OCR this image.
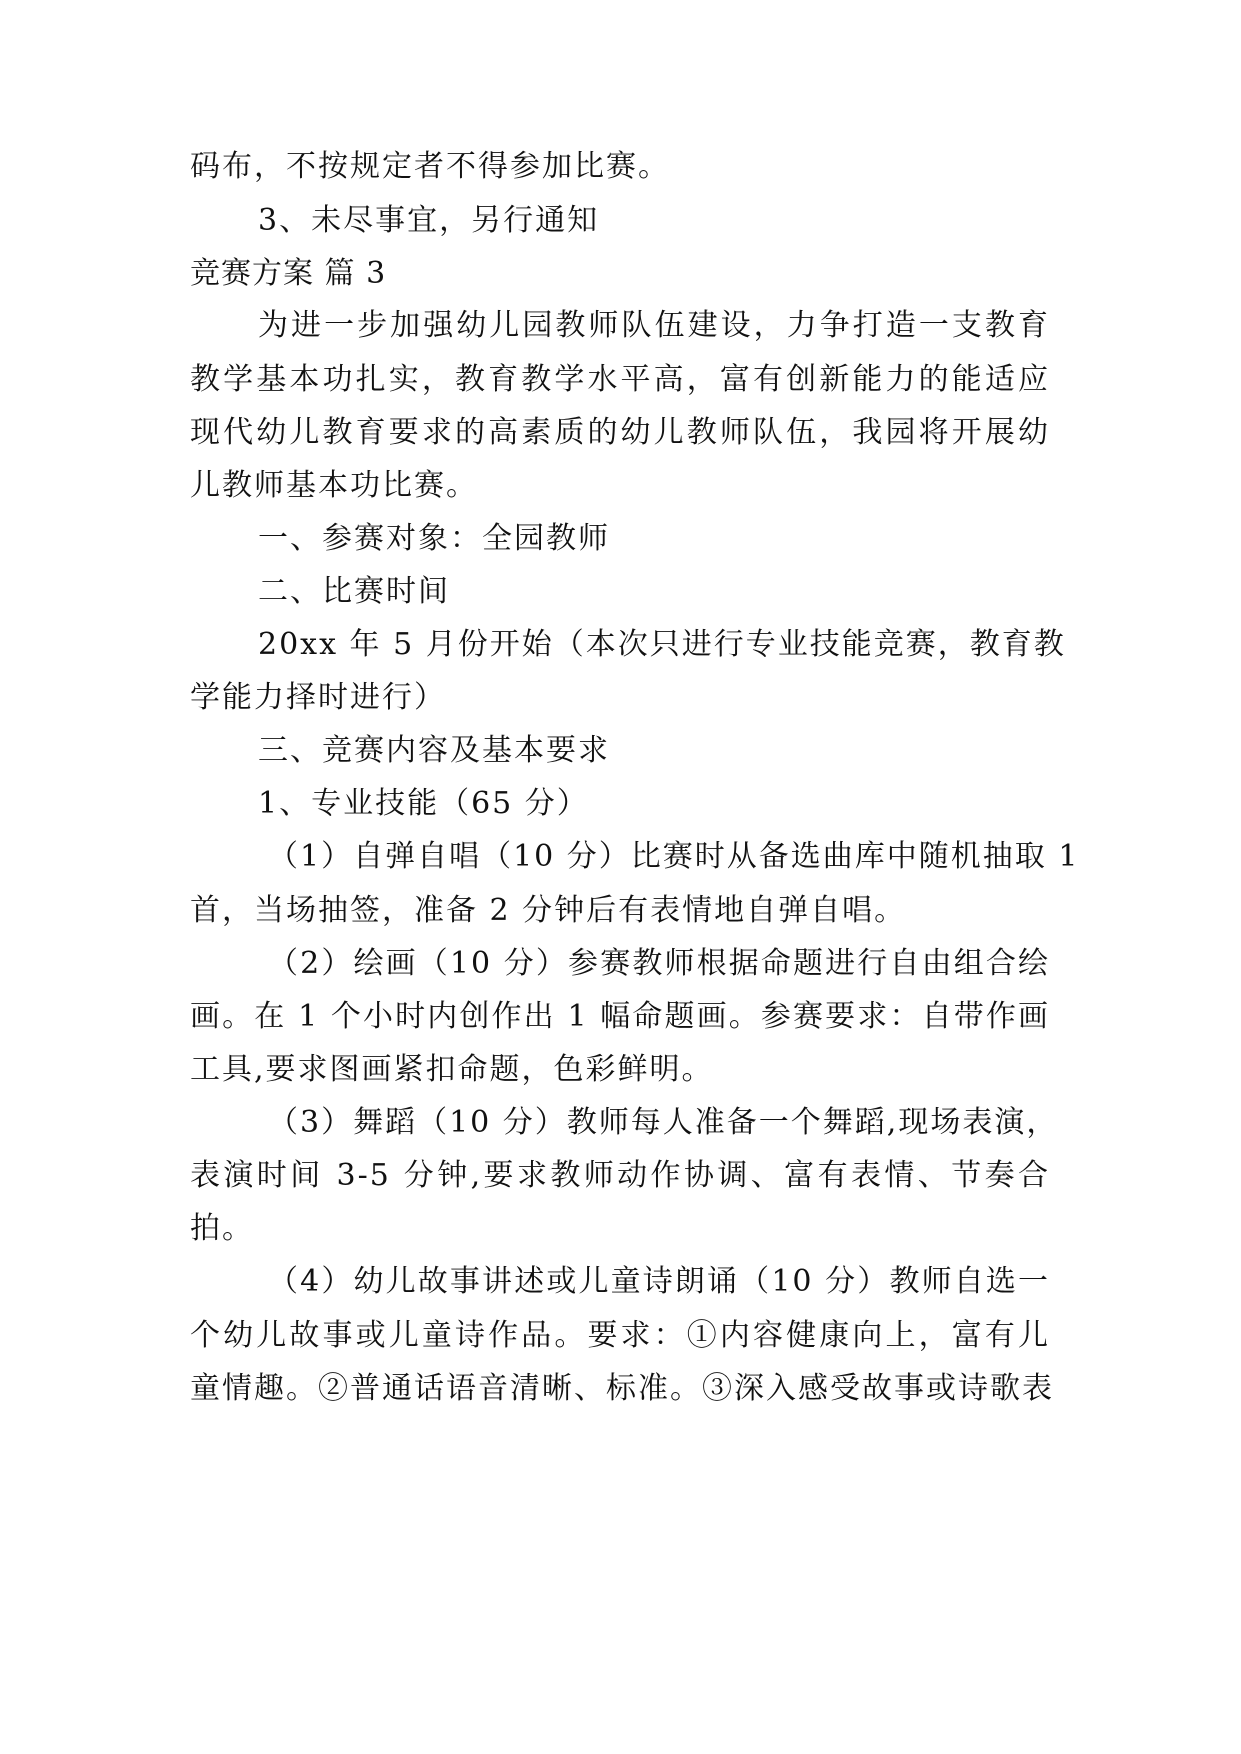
码布，不按规定者不得参加比赛。
3、未尽事宜，另行通知
竞赛方案 篇 3
为进一步加强幼儿园教师队伍建设，力争打造一支教育
教学基本功扎实，教育教学水平高，富有创新能力的能适应
现代幼儿教育要求的高素质的幼儿教师队伍，我园将开展幼
儿教师基本功比赛。
一、参赛对象：全园教师
二、比赛时间
20xx 年 5 月份开始（本次只进行专业技能竞赛，教育教
学能力择时进行）
三、竞赛内容及基本要求
1、专业技能（65 分）
（1）自弹自唱（10 分）比赛时从备选曲库中随机抽取 1
首，当场抽签，准备 2 分钟后有表情地自弹自唱。
（2）绘画（10 分）参赛教师根据命题进行自由组合绘
画。在 1 个小时内创作出 1 幅命题画。参赛要求：自带作画
工具,要求图画紧扣命题，色彩鲜明。
（3）舞蹈（10 分）教师每人准备一个舞蹈,现场表演，
表演时间 3-5 分钟,要求教师动作协调、富有表情、节奏合
拍。
（4）幼儿故事讲述或儿童诗朗诵（10 分）教师自选一
个幼儿故事或儿童诗作品。要求：①内容健康向上，富有儿
童情趣。②普通话语音清晰、标准。③深入感受故事或诗歌表
